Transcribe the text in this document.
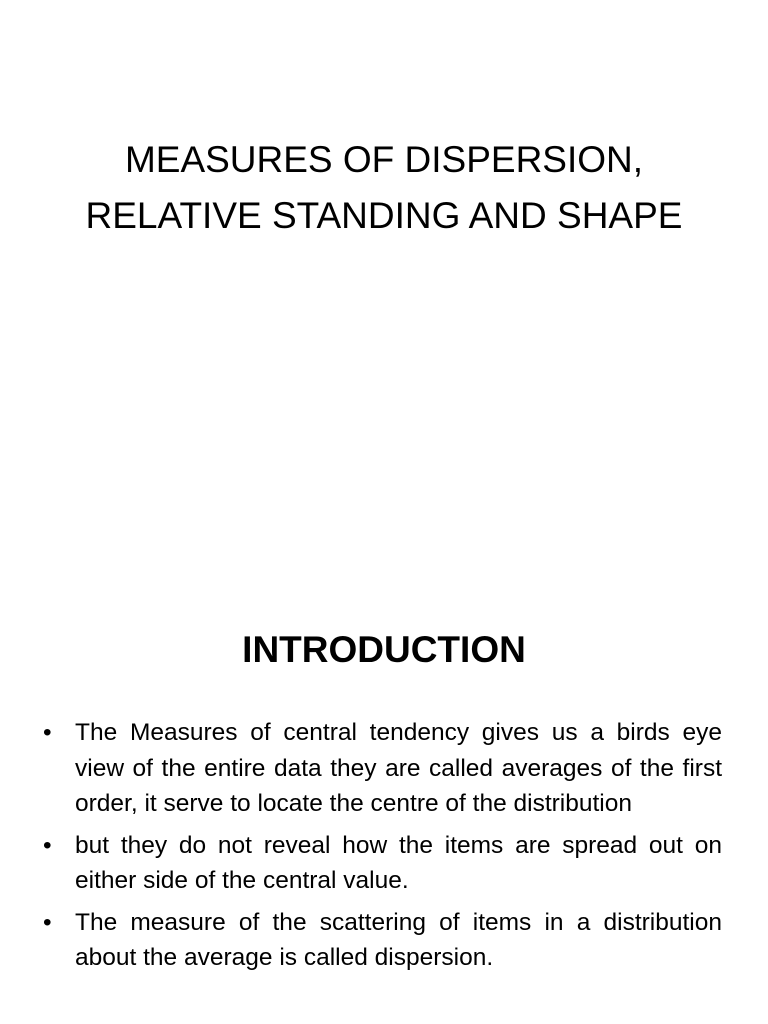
MEASURES OF DISPERSION, RELATIVE STANDING AND SHAPE
INTRODUCTION
• The Measures of central tendency gives us a birds eye view of the entire data they are called averages of the first order, it serve to locate the centre of the distribution
• but they do not reveal how the items are spread out on either side of the central value.
• The measure of the scattering of items in a distribution about the average is called dispersion.
